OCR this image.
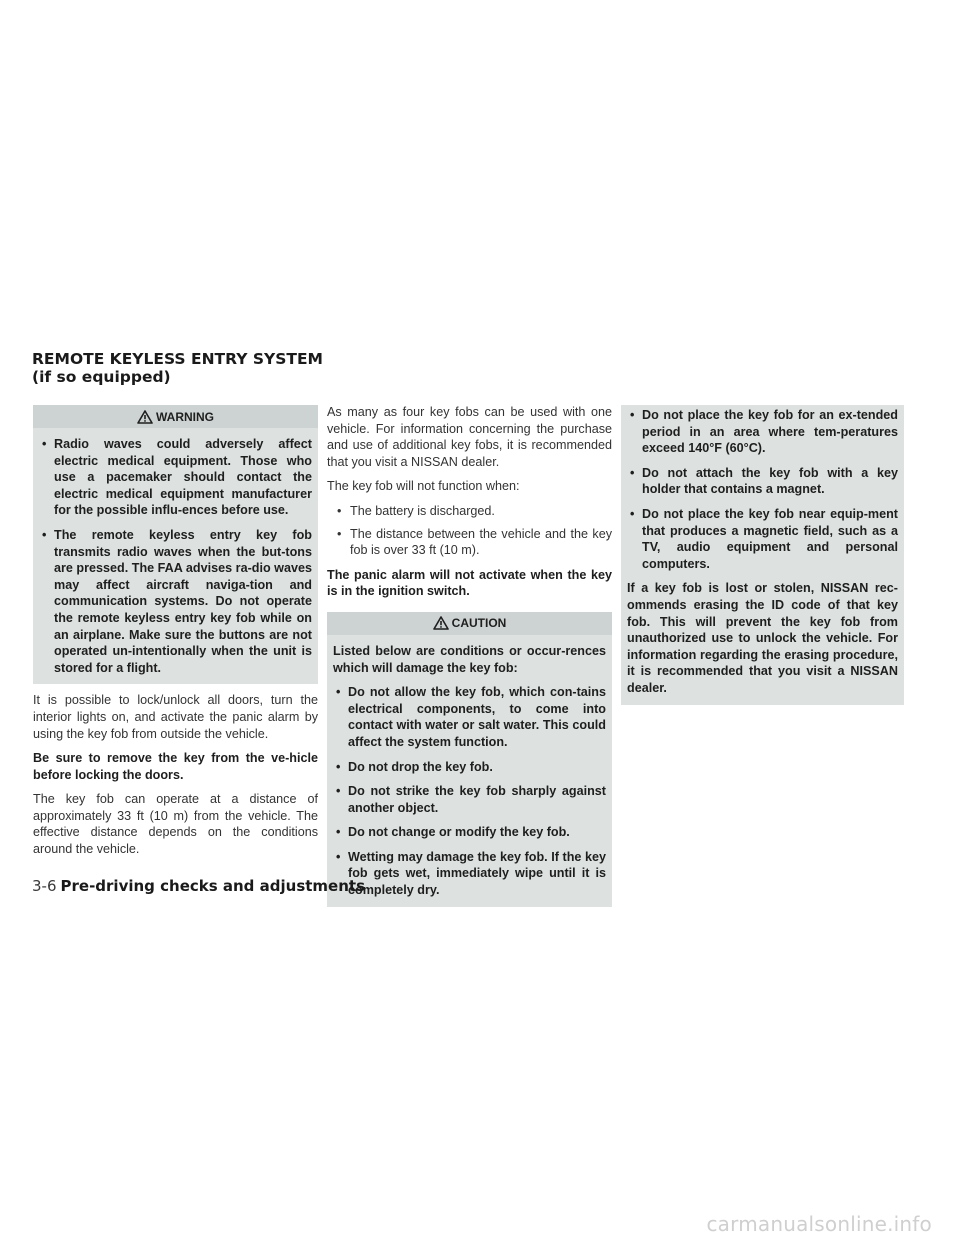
REMOTE KEYLESS ENTRY SYSTEM (if so equipped)
WARNING
• Radio waves could adversely affect electric medical equipment. Those who use a pacemaker should contact the electric medical equipment manufacturer for the possible influ-ences before use.
• The remote keyless entry key fob transmits radio waves when the but-tons are pressed. The FAA advises ra-dio waves may affect aircraft naviga-tion and communication systems. Do not operate the remote keyless entry key fob while on an airplane. Make sure the buttons are not operated un-intentionally when the unit is stored for a flight.

It is possible to lock/unlock all doors, turn the interior lights on, and activate the panic alarm by using the key fob from outside the vehicle.

Be sure to remove the key from the ve-hicle before locking the doors.

The key fob can operate at a distance of approximately 33 ft (10 m) from the vehicle. The effective distance depends on the conditions around the vehicle.

As many as four key fobs can be used with one vehicle. For information concerning the purchase and use of additional key fobs, it is recommended that you visit a NISSAN dealer.

The key fob will not function when:

• The battery is discharged.
• The distance between the vehicle and the key fob is over 33 ft (10 m).

The panic alarm will not activate when the key is in the ignition switch.

CAUTION

Listed below are conditions or occur-rences which will damage the key fob:

• Do not allow the key fob, which con-tains electrical components, to come into contact with water or salt water. This could affect the system function.
• Do not drop the key fob.
• Do not strike the key fob sharply against another object.
• Do not change or modify the key fob.
• Wetting may damage the key fob. If the key fob gets wet, immediately wipe until it is completely dry.
• Do not place the key fob for an ex-tended period in an area where tem-peratures exceed 140°F (60°C).
• Do not attach the key fob with a key holder that contains a magnet.
• Do not place the key fob near equip-ment that produces a magnetic field, such as a TV, audio equipment and personal computers.

If a key fob is lost or stolen, NISSAN rec-ommends erasing the ID code of that key fob. This will prevent the key fob from unauthorized use to unlock the vehicle. For information regarding the erasing procedure, it is recommended that you visit a NISSAN dealer.

3-6 Pre-driving checks and adjustments
carmanualsonline.info
